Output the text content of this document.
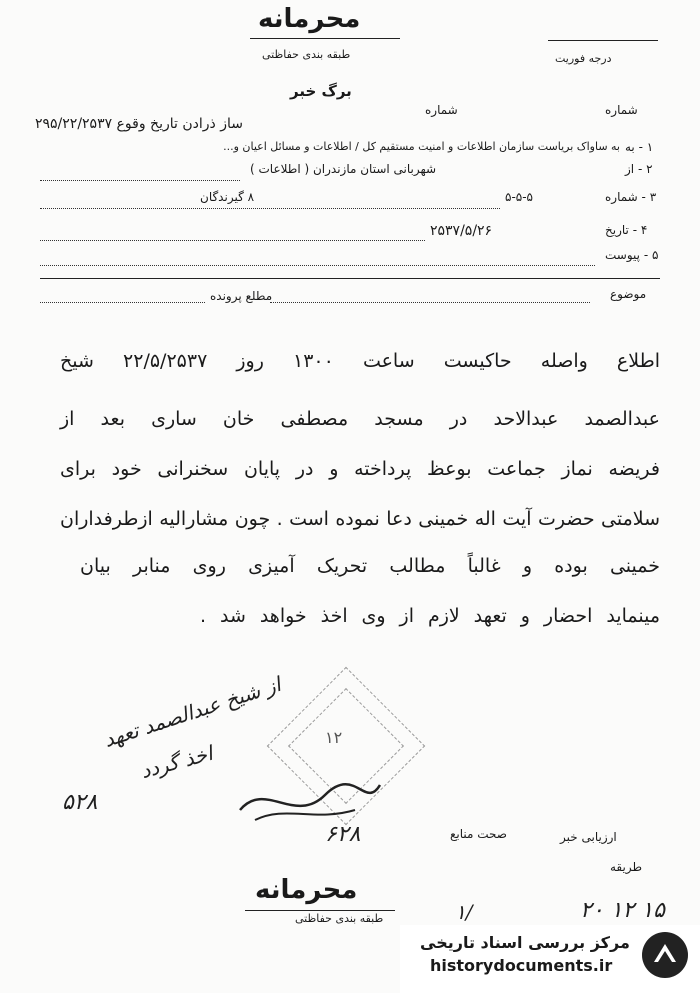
محرمانه
طبقه بندی حفاظتی	درجه فوریت
برگ خبر
شماره
شماره
ساز ذرادن تاریخ وقوع ۲۹۵/۲۲/۲۵۳۷
۱ - به
به ساواک بریاست سازمان اطلاعات و امنیت مستقیم کل / اطلاعات و مسائل اعیان و...
۲ - از
شهربانی استان مازندران ( اطلاعات )
۳ - شماره
۵-۵-۵
۸ گیرندگان
۴ - تاریخ
۲۵۳۷/۵/۲۶
۵ - پیوست
موضوع
مطلع پرونده
اطلاع واصله حاکیست ساعت ۱۳۰۰ روز ۲۲/۵/۲۵۳۷ شیخ
عبدالصمد عبدالاحد در مسجد مصطفی خان ساری بعد از
فریضه نماز جماعت بوعظ پرداخته و در پایان سخنرانی خود برای
سلامتی حضرت آیت اله خمینی دعا نموده است . چون مشارالیه ازطرفداران
خمینی بوده و غالباً مطالب تحریک آمیزی روی منابر بیان
مینماید احضار و تعهد لازم از وی اخذ خواهد شد .
۱۲
از شیخ عبدالصمد تعهد
اخذ گردد
۵۲۸
۶۲۸	ارزیابی خبر
صحت منابع
طریقه
محرمانه
طبقه بندی حفاظتی	۱/	۲۰ ۱۲ ۱۵
مرکز بررسی اسناد تاریخی
historydocuments.ir
